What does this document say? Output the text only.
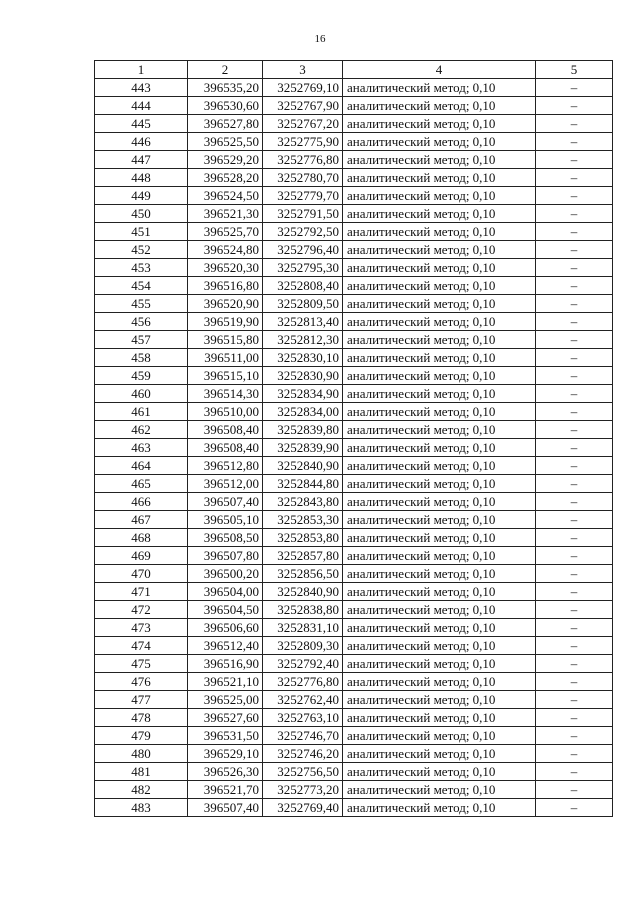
16
1	2	3	4	5
443	396535,20	3252769,10	аналитический метод; 0,10	–
444	396530,60	3252767,90	аналитический метод; 0,10	–
445	396527,80	3252767,20	аналитический метод; 0,10	–
446	396525,50	3252775,90	аналитический метод; 0,10	–
447	396529,20	3252776,80	аналитический метод; 0,10	–
448	396528,20	3252780,70	аналитический метод; 0,10	–
449	396524,50	3252779,70	аналитический метод; 0,10	–
450	396521,30	3252791,50	аналитический метод; 0,10	–
451	396525,70	3252792,50	аналитический метод; 0,10	–
452	396524,80	3252796,40	аналитический метод; 0,10	–
453	396520,30	3252795,30	аналитический метод; 0,10	–
454	396516,80	3252808,40	аналитический метод; 0,10	–
455	396520,90	3252809,50	аналитический метод; 0,10	–
456	396519,90	3252813,40	аналитический метод; 0,10	–
457	396515,80	3252812,30	аналитический метод; 0,10	–
458	396511,00	3252830,10	аналитический метод; 0,10	–
459	396515,10	3252830,90	аналитический метод; 0,10	–
460	396514,30	3252834,90	аналитический метод; 0,10	–
461	396510,00	3252834,00	аналитический метод; 0,10	–
462	396508,40	3252839,80	аналитический метод; 0,10	–
463	396508,40	3252839,90	аналитический метод; 0,10	–
464	396512,80	3252840,90	аналитический метод; 0,10	–
465	396512,00	3252844,80	аналитический метод; 0,10	–
466	396507,40	3252843,80	аналитический метод; 0,10	–
467	396505,10	3252853,30	аналитический метод; 0,10	–
468	396508,50	3252853,80	аналитический метод; 0,10	–
469	396507,80	3252857,80	аналитический метод; 0,10	–
470	396500,20	3252856,50	аналитический метод; 0,10	–
471	396504,00	3252840,90	аналитический метод; 0,10	–
472	396504,50	3252838,80	аналитический метод; 0,10	–
473	396506,60	3252831,10	аналитический метод; 0,10	–
474	396512,40	3252809,30	аналитический метод; 0,10	–
475	396516,90	3252792,40	аналитический метод; 0,10	–
476	396521,10	3252776,80	аналитический метод; 0,10	–
477	396525,00	3252762,40	аналитический метод; 0,10	–
478	396527,60	3252763,10	аналитический метод; 0,10	–
479	396531,50	3252746,70	аналитический метод; 0,10	–
480	396529,10	3252746,20	аналитический метод; 0,10	–
481	396526,30	3252756,50	аналитический метод; 0,10	–
482	396521,70	3252773,20	аналитический метод; 0,10	–
483	396507,40	3252769,40	аналитический метод; 0,10	–
